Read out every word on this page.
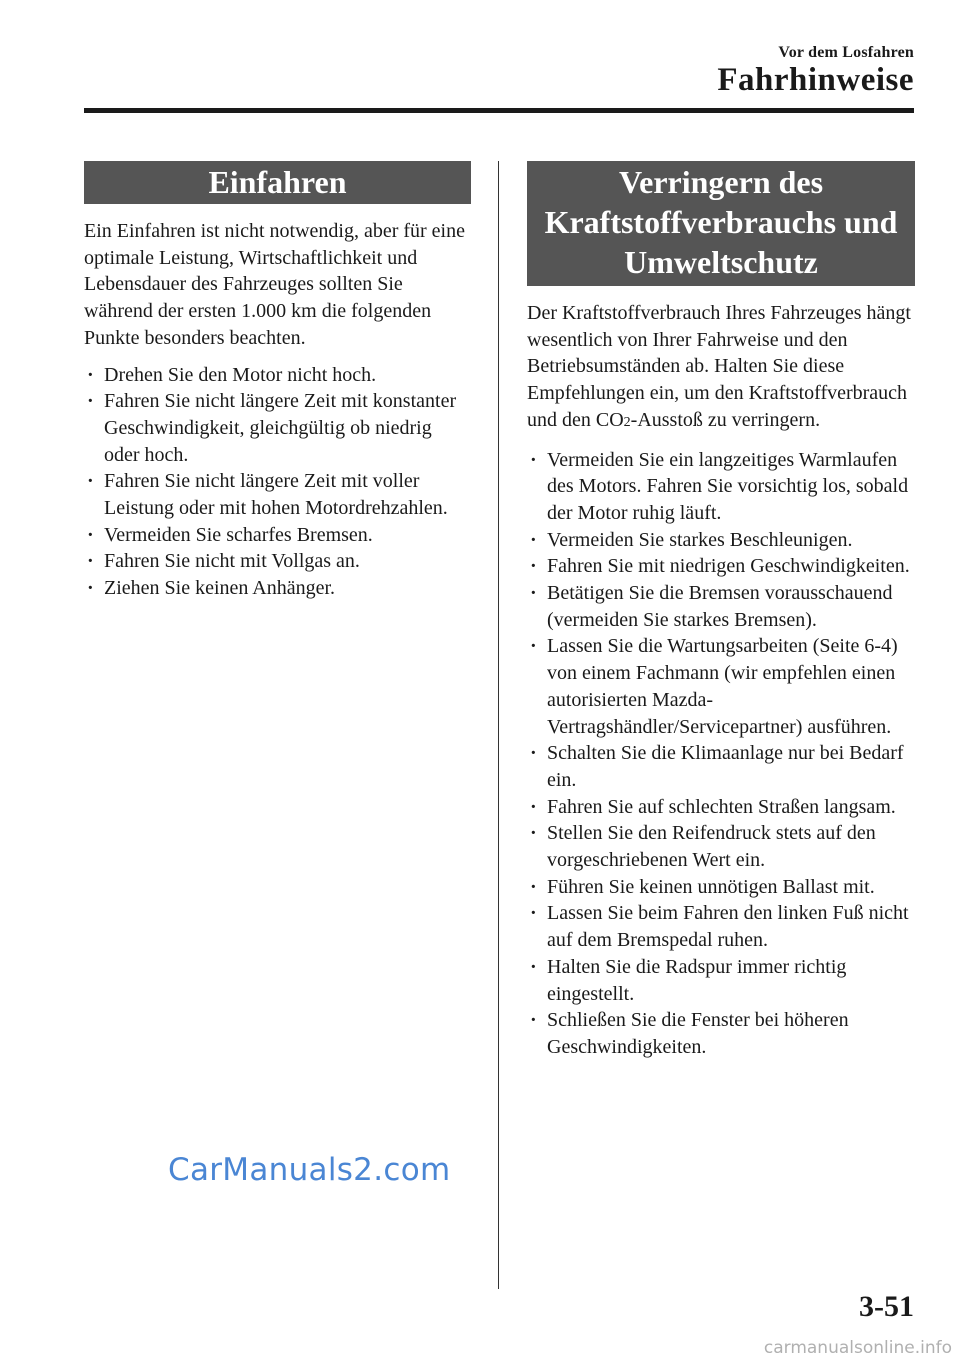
Vor dem Losfahren
Fahrhinweise
Einfahren

Ein Einfahren ist nicht notwendig, aber für eine optimale Leistung, Wirtschaftlichkeit und Lebensdauer des Fahrzeuges sollten Sie während der ersten 1.000 km die folgenden Punkte besonders beachten.

· Drehen Sie den Motor nicht hoch.
· Fahren Sie nicht längere Zeit mit konstanter Geschwindigkeit, gleichgültig ob niedrig oder hoch.
· Fahren Sie nicht längere Zeit mit voller Leistung oder mit hohen Motordrehzahlen.
· Vermeiden Sie scharfes Bremsen.
· Fahren Sie nicht mit Vollgas an.
· Ziehen Sie keinen Anhänger.
Verringern des
Kraftstoffverbrauchs und
Umweltschutz

Der Kraftstoffverbrauch Ihres Fahrzeuges hängt wesentlich von Ihrer Fahrweise und den Betriebsumständen ab. Halten Sie diese Empfehlungen ein, um den Kraftstoffverbrauch und den CO2-Ausstoß zu verringern.

· Vermeiden Sie ein langzeitiges Warmlaufen des Motors. Fahren Sie vorsichtig los, sobald der Motor ruhig läuft.
· Vermeiden Sie starkes Beschleunigen.
· Fahren Sie mit niedrigen Geschwindigkeiten.
· Betätigen Sie die Bremsen vorausschauend (vermeiden Sie starkes Bremsen).
· Lassen Sie die Wartungsarbeiten (Seite 6-4) von einem Fachmann (wir empfehlen einen autorisierten Mazda-Vertragshändler/Servicepartner) ausführen.
· Schalten Sie die Klimaanlage nur bei Bedarf ein.
· Fahren Sie auf schlechten Straßen langsam.
· Stellen Sie den Reifendruck stets auf den vorgeschriebenen Wert ein.
· Führen Sie keinen unnötigen Ballast mit.
· Lassen Sie beim Fahren den linken Fuß nicht auf dem Bremspedal ruhen.
· Halten Sie die Radspur immer richtig eingestellt.
· Schließen Sie die Fenster bei höheren Geschwindigkeiten.
CarManuals2.com
3-51
carmanualsonline.info
